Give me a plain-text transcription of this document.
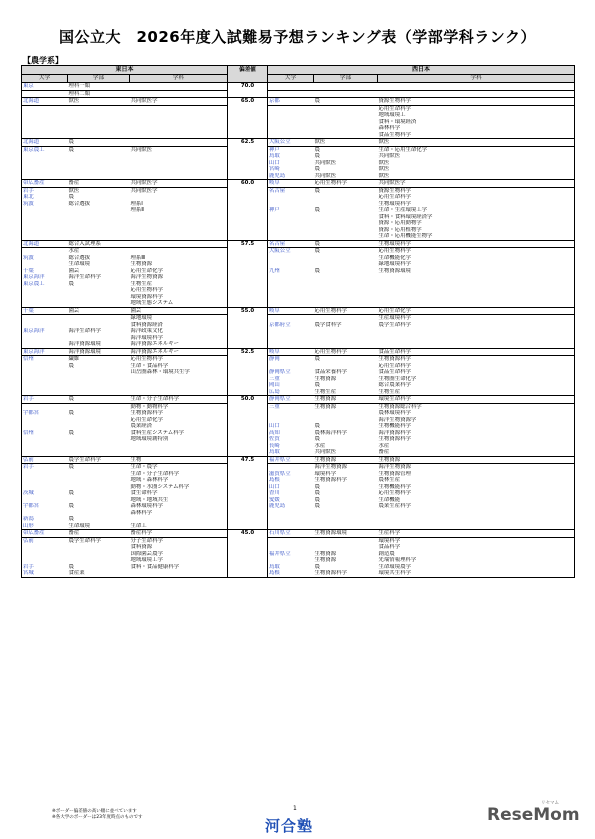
国公立大　2026年度入試難易予想ランキング表（学部学科ランク）
【農学系】
東日本			偏差値	西日本		
大学	学部	学科		大学	学部	学科
東京	理科一類		70.0			
	理科二類					
北海道	獣医	共同獣医学	65.0	京都	農	資源生物科学
						応用生命科学
						地域環境工
						食料・環境経済
						森林科学
						食品生物科学
北海道	農		62.5	大阪公立	獣医	獣医
東京農工	農	共同獣医		神戸	農	生命・応用生命化学
				鳥取	農	共同獣医
				山口	共同獣医	獣医
				宮崎	農	獣医
				鹿児島	共同獣医	獣医
帯広畜産	畜産	共同獣医学	60.0	岐阜	応用生物科学	共同獣医学
岩手	獣医	共同獣医学		名古屋	農	資源生物科学
東北	農					応用生命科学
筑波	総合選抜	理系Ⅰ				生物環境科学
		理系Ⅱ		神戸	農	生命・生産環境工学
						食料・食料環境経済学
						資源・応用動物学
						資源・応用植物学
						生命・応用機能生物学
北海道	総合入試理系		57.5	名古屋	農	生物環境科学
	水産			大阪公立	農	応用生物科学
筑波	総合選抜	理系Ⅲ				生命機能化学
	生命環境	生物資源				緑地環境科学
千葉	園芸	応用生命化学		九州	農	生物資源環境
東京海洋	海洋生命科学	海洋生物資源				
東京農工	農	生物生産				
		応用生物科学				
		環境資源科学				
		地域生態システム				
千葉	園芸	園芸	55.0	岐阜	応用生物科学	応用生命化学
		緑地環境				生産環境科学
		食料資源経済		京都府立	農学食科学	農学生命科学
東京海洋	海洋生命科学	海洋政策文化				
		海洋環境科学				
	海洋資源環境	海洋資源エネルギー				
東京海洋	海洋資源環境	海洋資源エネルギー	52.5	岐阜	応用生物科学	食品生命科学
信州	繊維	応用生物科学		静岡	農	生物資源科学
	農	生命・食品科学				応用生命科学
		山岳圏森林・環境共生学		静岡県立	食品栄養科学	食品生命科学
				三重	生物資源	生物圏生命化学
				岡山	農	総合農業科学
				広島	生物生産	生物生産
岩手	農	生命・分子生命科学	50.0	静岡県立	生物資源	環境生命科学
		動物・動物科学		三重	生物資源	生物資源総合科学
宇都宮	農	生物資源科学				農林環境科学
		応用生命化学				海洋生物資源学
		農業経済		山口	農	生物機能科学
信州	農	食料生産システム科学		高知	農林海洋科学	海洋資源科学
		地域環境創特別		佐賀	農	生物資源科学
				長崎	水産	水産
				鳥取	共同獣医	畜産
弘前	農学生命科学	生物	47.5	福井県立	生物資源	生物資源
岩手	農	生命・農学			海洋生物資源	海洋生物資源
		生命・分子生命科学		滋賀県立	環境科学	生物資源管理
		地域・森林科学		島根	生物資源科学	農林生産
		動物・水圏システム科学		山口	農	生物機能科学
茨城	農	食生命科学		香川	農	応用生物科学
		地域・地域共生		愛媛	農	生命機能
宇都宮	農	森林環境科学		鹿児島	農	農業生産科学
		森林科学				
新潟	農					
山形	生命環境	生命工				
帯広畜産	畜産	畜産科学	45.0	石川県立	生物資源環境	生産科学
弘前	農学生命科学	分子生命科学				環境科学
		食料資源				食品科学
		国際園芸農学		福井県立	生物資源	創造農
		地域環境工学			生物資源	先端情報理科学
岩手	農	食料・食品健康科学		鳥取	農	生命環境農学
宮城	食産業			島根	生物資源科学	環境共生科学
※ボーダー偏差値の高い順に並べています
※各大学のボーダーは23年度時点のものです
1
河合塾
リセマム
ReseMom
